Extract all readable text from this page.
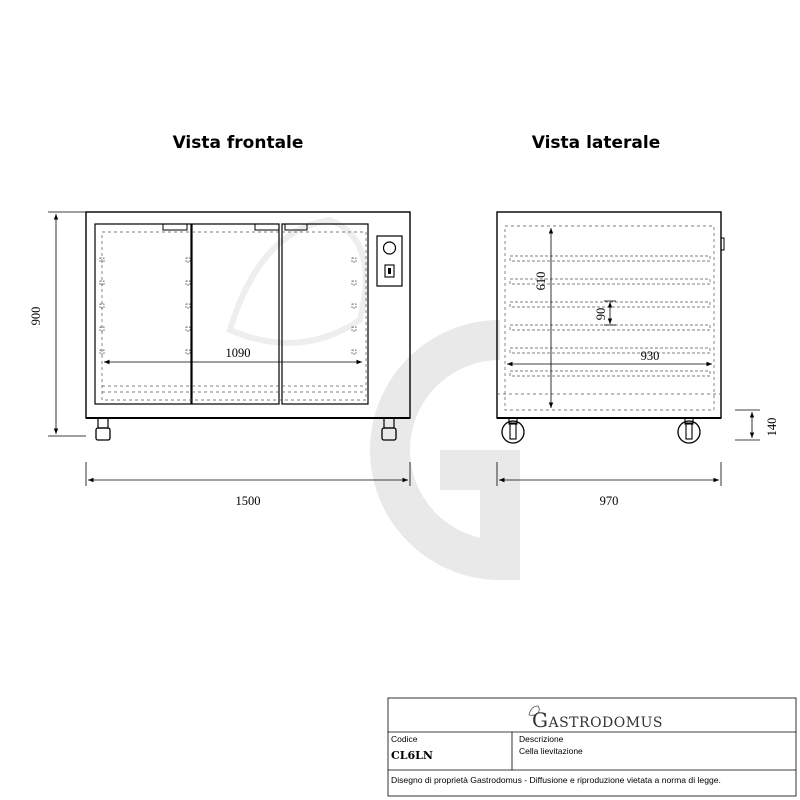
Vista frontale	Vista laterale
900
1090
1500
610
90
930
970
140
GASTRODOMUS
Codice
CL6LN
Descrizione
Cella lievitazione
Disegno di proprietà Gastrodomus - Diffusione e riproduzione vietata a norma di legge.
